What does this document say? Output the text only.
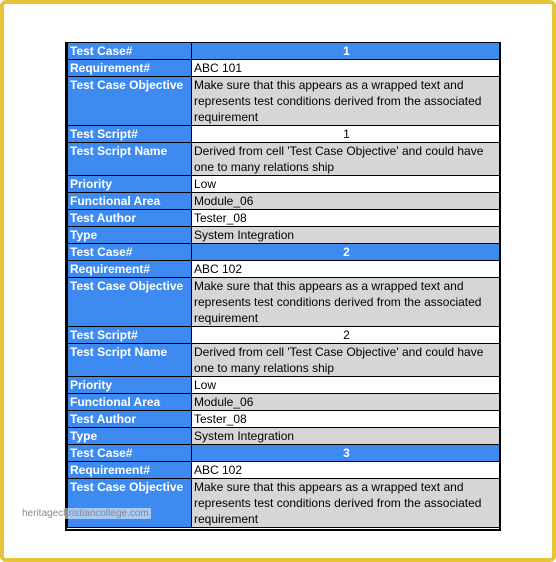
Test Case#	1
Requirement#	ABC 101
Test Case Objective	Make sure that this appears as a wrapped text and represents test conditions derived from the associated requirement
Test Script#	1
Test Script Name	Derived from cell 'Test Case Objective' and could have one to many relations ship
Priority	Low
Functional Area	Module_06
Test Author	Tester_08
Type	System Integration
Test Case#	2
Requirement#	ABC 102
Test Case Objective	Make sure that this appears as a wrapped text and represents test conditions derived from the associated requirement
Test Script#	2
Test Script Name	Derived from cell 'Test Case Objective' and could have one to many relations ship
Priority	Low
Functional Area	Module_06
Test Author	Tester_08
Type	System Integration
Test Case#	3
Requirement#	ABC 102
Test Case Objective	Make sure that this appears as a wrapped text and represents test conditions derived from the associated requirement
heritagechristiancollege.com
